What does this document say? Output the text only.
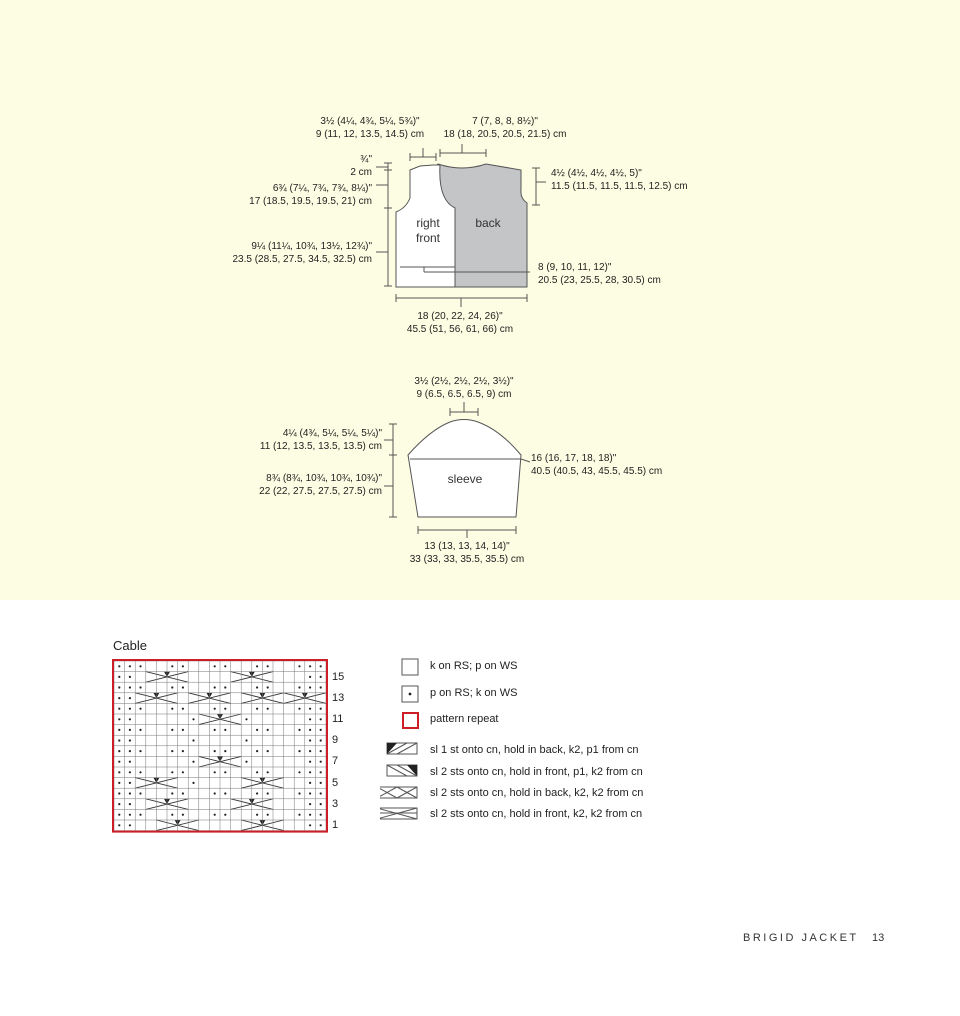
right
front
back
3½ (4¼, 4¾, 5¼, 5¾)"
9 (11, 12, 13.5, 14.5) cm
7 (7, 8, 8, 8½)"
18 (18, 20.5, 20.5, 21.5) cm
¾"
2 cm
6¾ (7¼, 7¾, 7¾, 8¼)"
17 (18.5, 19.5, 19.5, 21) cm
9¼ (11¼, 10¾, 13½, 12¾)"
23.5 (28.5, 27.5, 34.5, 32.5) cm
4½ (4½, 4½, 4½, 5)"
11.5 (11.5, 11.5, 11.5, 12.5) cm
8 (9, 10, 11, 12)"
20.5 (23, 25.5, 28, 30.5) cm
18 (20, 22, 24, 26)"
45.5 (51, 56, 61, 66) cm
sleeve
3½ (2½, 2½, 2½, 3½)"
9 (6.5, 6.5, 6.5, 9) cm
4¼ (4¾, 5¼, 5¼, 5¼)"
11 (12, 13.5, 13.5, 13.5) cm
8¾ (8¾, 10¾, 10¾, 10¾)"
22 (22, 27.5, 27.5, 27.5) cm
16 (16, 17, 18, 18)"
40.5 (40.5, 43, 45.5, 45.5) cm
13 (13, 13, 14, 14)"
33 (33, 33, 35.5, 35.5) cm
Cable
15
13
11
9
7
5
3
1
k on RS; p on WS
p on RS; k on WS
pattern repeat
sl 1 st onto cn, hold in back, k2, p1 from cn
sl 2 sts onto cn, hold in front, p1, k2 from cn
sl 2 sts onto cn, hold in back, k2, k2 from cn
sl 2 sts onto cn, hold in front, k2, k2 from cn
BRIGID JACKET 13
